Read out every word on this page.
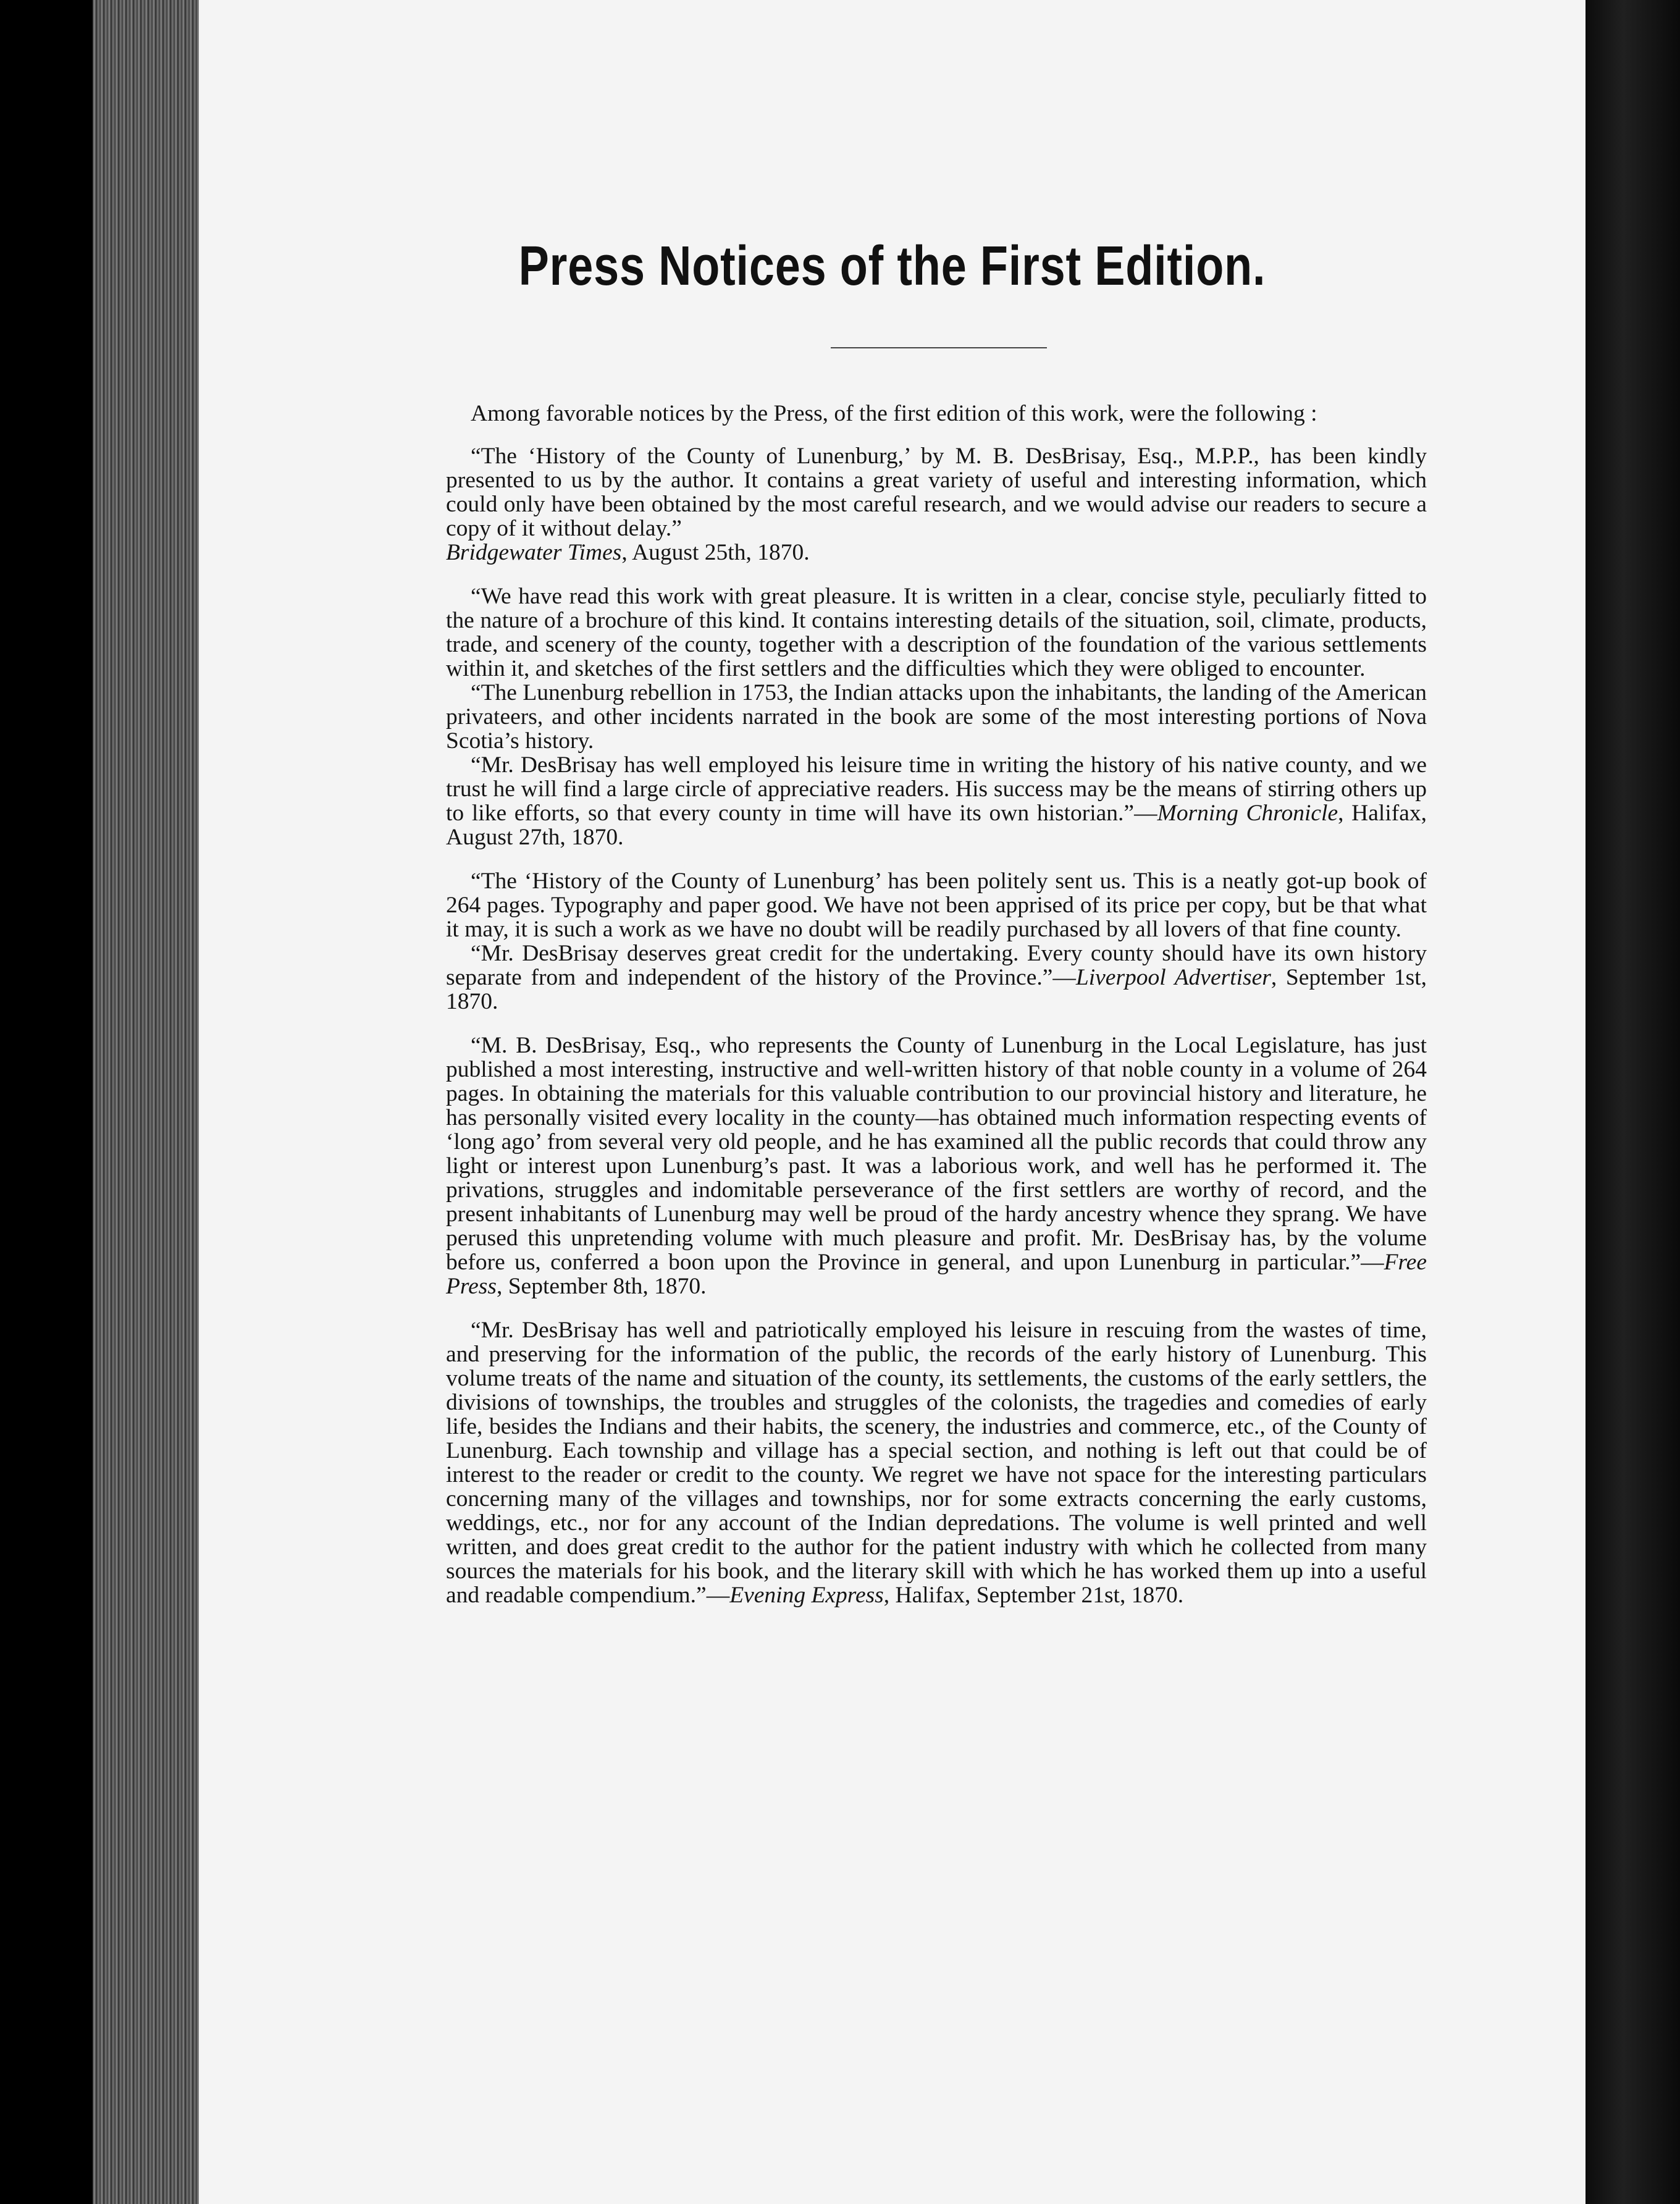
Press Notices of the First Edition.

Among favorable notices by the Press, of the first edition of this work, were the following :

“The ‘History of the County of Lunenburg,’ by M. B. DesBrisay, Esq., M.P.P., has been kindly presented to us by the author. It contains a great variety of useful and interesting information, which could only have been obtained by the most careful research, and we would advise our readers to secure a copy of it without delay.”
Bridgewater Times, August 25th, 1870.

“We have read this work with great pleasure. It is written in a clear, concise style, peculiarly fitted to the nature of a brochure of this kind. It contains interesting details of the situation, soil, climate, products, trade, and scenery of the county, together with a description of the foundation of the various settlements within it, and sketches of the first settlers and the difficulties which they were obliged to encounter.

“The Lunenburg rebellion in 1753, the Indian attacks upon the inhabitants, the landing of the American privateers, and other incidents narrated in the book are some of the most interesting portions of Nova Scotia’s history.

“Mr. DesBrisay has well employed his leisure time in writing the history of his native county, and we trust he will find a large circle of appreciative readers. His success may be the means of stirring others up to like efforts, so that every county in time will have its own historian.”—Morning Chronicle, Halifax, August 27th, 1870.

“The ‘History of the County of Lunenburg’ has been politely sent us. This is a neatly got-up book of 264 pages. Typography and paper good. We have not been apprised of its price per copy, but be that what it may, it is such a work as we have no doubt will be readily purchased by all lovers of that fine county.

“Mr. DesBrisay deserves great credit for the undertaking. Every county should have its own history separate from and independent of the history of the Province.”—Liverpool Advertiser, September 1st, 1870.

“M. B. DesBrisay, Esq., who represents the County of Lunenburg in the Local Legislature, has just published a most interesting, instructive and well-written history of that noble county in a volume of 264 pages. In obtaining the materials for this valuable contribution to our provincial history and literature, he has personally visited every locality in the county—has obtained much information respecting events of ‘long ago’ from several very old people, and he has examined all the public records that could throw any light or interest upon Lunenburg’s past. It was a laborious work, and well has he performed it. The privations, struggles and indomitable perseverance of the first settlers are worthy of record, and the present inhabitants of Lunenburg may well be proud of the hardy ancestry whence they sprang. We have perused this unpretending volume with much pleasure and profit. Mr. DesBrisay has, by the volume before us, conferred a boon upon the Province in general, and upon Lunenburg in particular.”—Free Press, September 8th, 1870.

“Mr. DesBrisay has well and patriotically employed his leisure in rescuing from the wastes of time, and preserving for the information of the public, the records of the early history of Lunenburg. This volume treats of the name and situation of the county, its settlements, the customs of the early settlers, the divisions of townships, the troubles and struggles of the colonists, the tragedies and comedies of early life, besides the Indians and their habits, the scenery, the industries and commerce, etc., of the County of Lunenburg. Each township and village has a special section, and nothing is left out that could be of interest to the reader or credit to the county. We regret we have not space for the interesting particulars concerning many of the villages and townships, nor for some extracts concerning the early customs, weddings, etc., nor for any account of the Indian depredations. The volume is well printed and well written, and does great credit to the author for the patient industry with which he collected from many sources the materials for his book, and the literary skill with which he has worked them up into a useful and readable compendium.”—Evening Express, Halifax, September 21st, 1870.
